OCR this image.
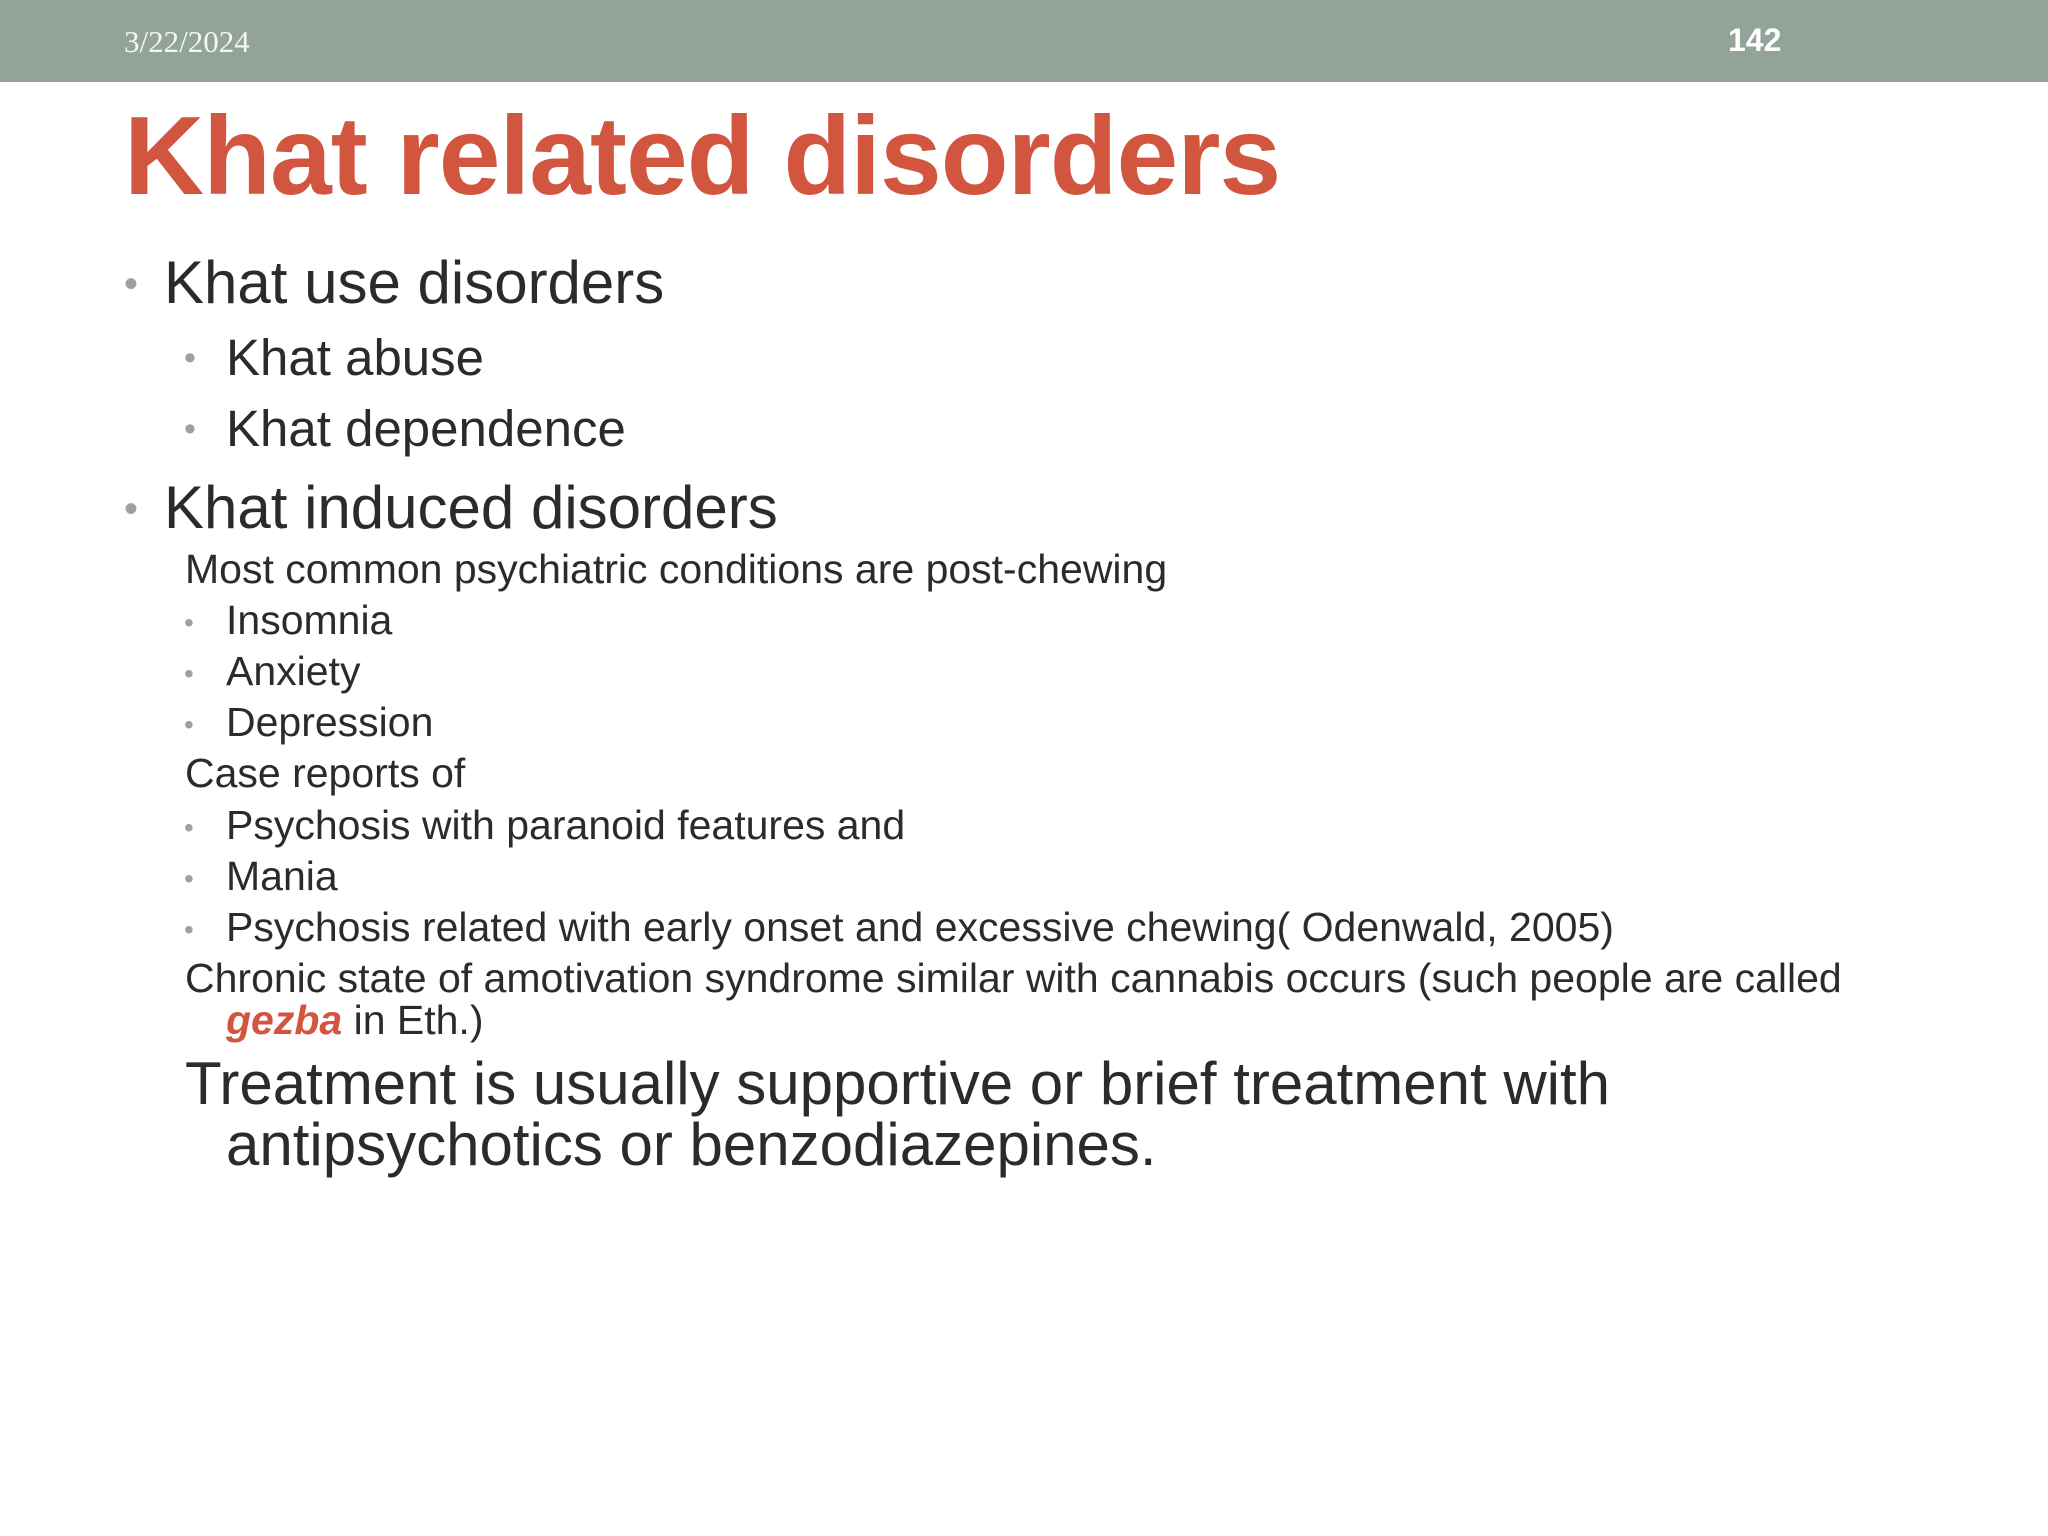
3/22/2024	142
Khat related disorders
• Khat use disorders
• Khat abuse
• Khat dependence
• Khat induced disorders
Most common psychiatric conditions are post-chewing
• Insomnia
• Anxiety
• Depression
Case reports of
• Psychosis with paranoid features and
• Mania
• Psychosis related with early onset and excessive chewing( Odenwald, 2005)
Chronic state of amotivation syndrome similar with cannabis occurs (such people are called
gezba in Eth.)
Treatment is usually supportive or brief treatment with
antipsychotics or benzodiazepines.
